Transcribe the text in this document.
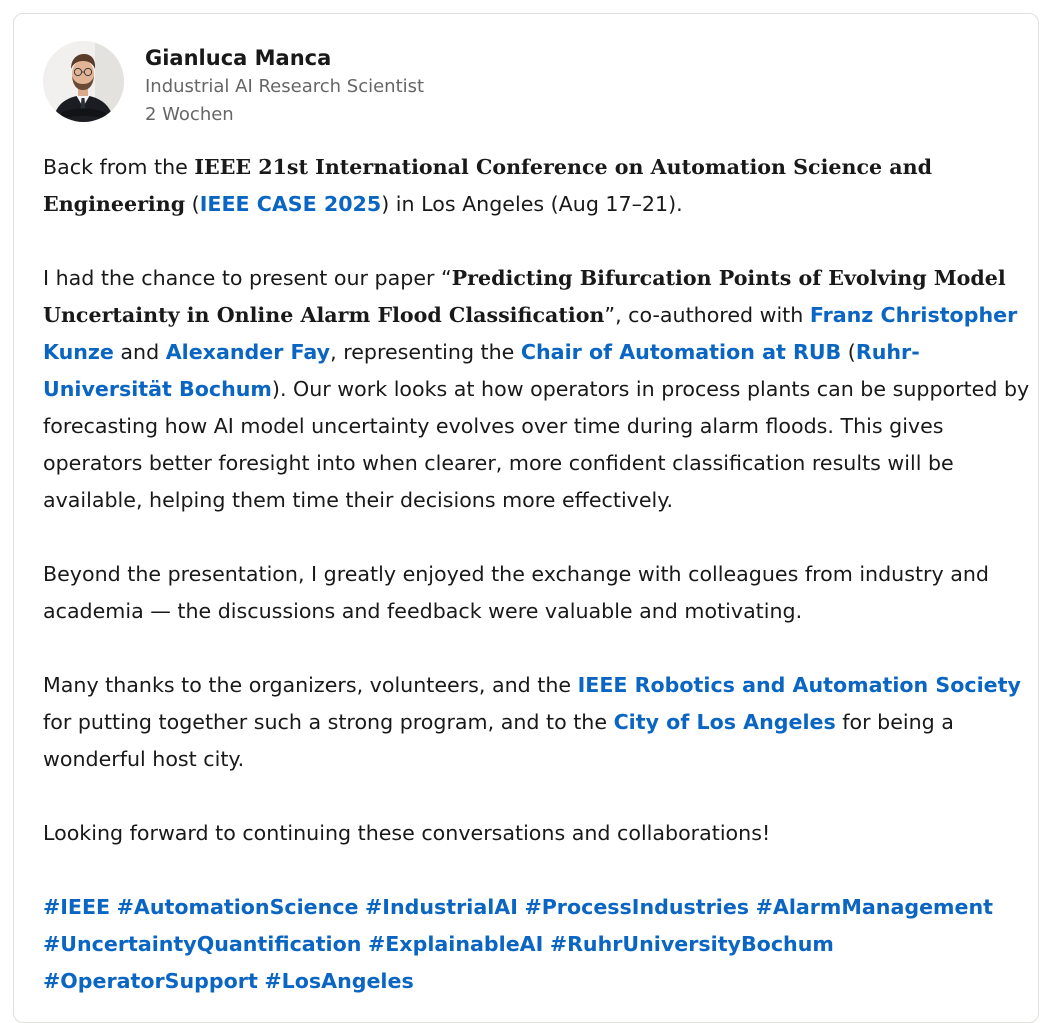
Gianluca Manca
Industrial AI Research Scientist
2 Wochen

Back from the IEEE 21st International Conference on Automation Science and Engineering (IEEE CASE 2025) in Los Angeles (Aug 17–21).

I had the chance to present our paper “Predicting Bifurcation Points of Evolving Model Uncertainty in Online Alarm Flood Classification”, co-authored with Franz Christopher Kunze and Alexander Fay, representing the Chair of Automation at RUB (Ruhr-Universität Bochum). Our work looks at how operators in process plants can be supported by forecasting how AI model uncertainty evolves over time during alarm floods. This gives operators better foresight into when clearer, more confident classification results will be available, helping them time their decisions more effectively.

Beyond the presentation, I greatly enjoyed the exchange with colleagues from industry and academia — the discussions and feedback were valuable and motivating.

Many thanks to the organizers, volunteers, and the IEEE Robotics and Automation Society for putting together such a strong program, and to the City of Los Angeles for being a wonderful host city.

Looking forward to continuing these conversations and collaborations!

#IEEE #AutomationScience #IndustrialAI #ProcessIndustries #AlarmManagement #UncertaintyQuantification #ExplainableAI #RuhrUniversityBochum #OperatorSupport #LosAngeles
